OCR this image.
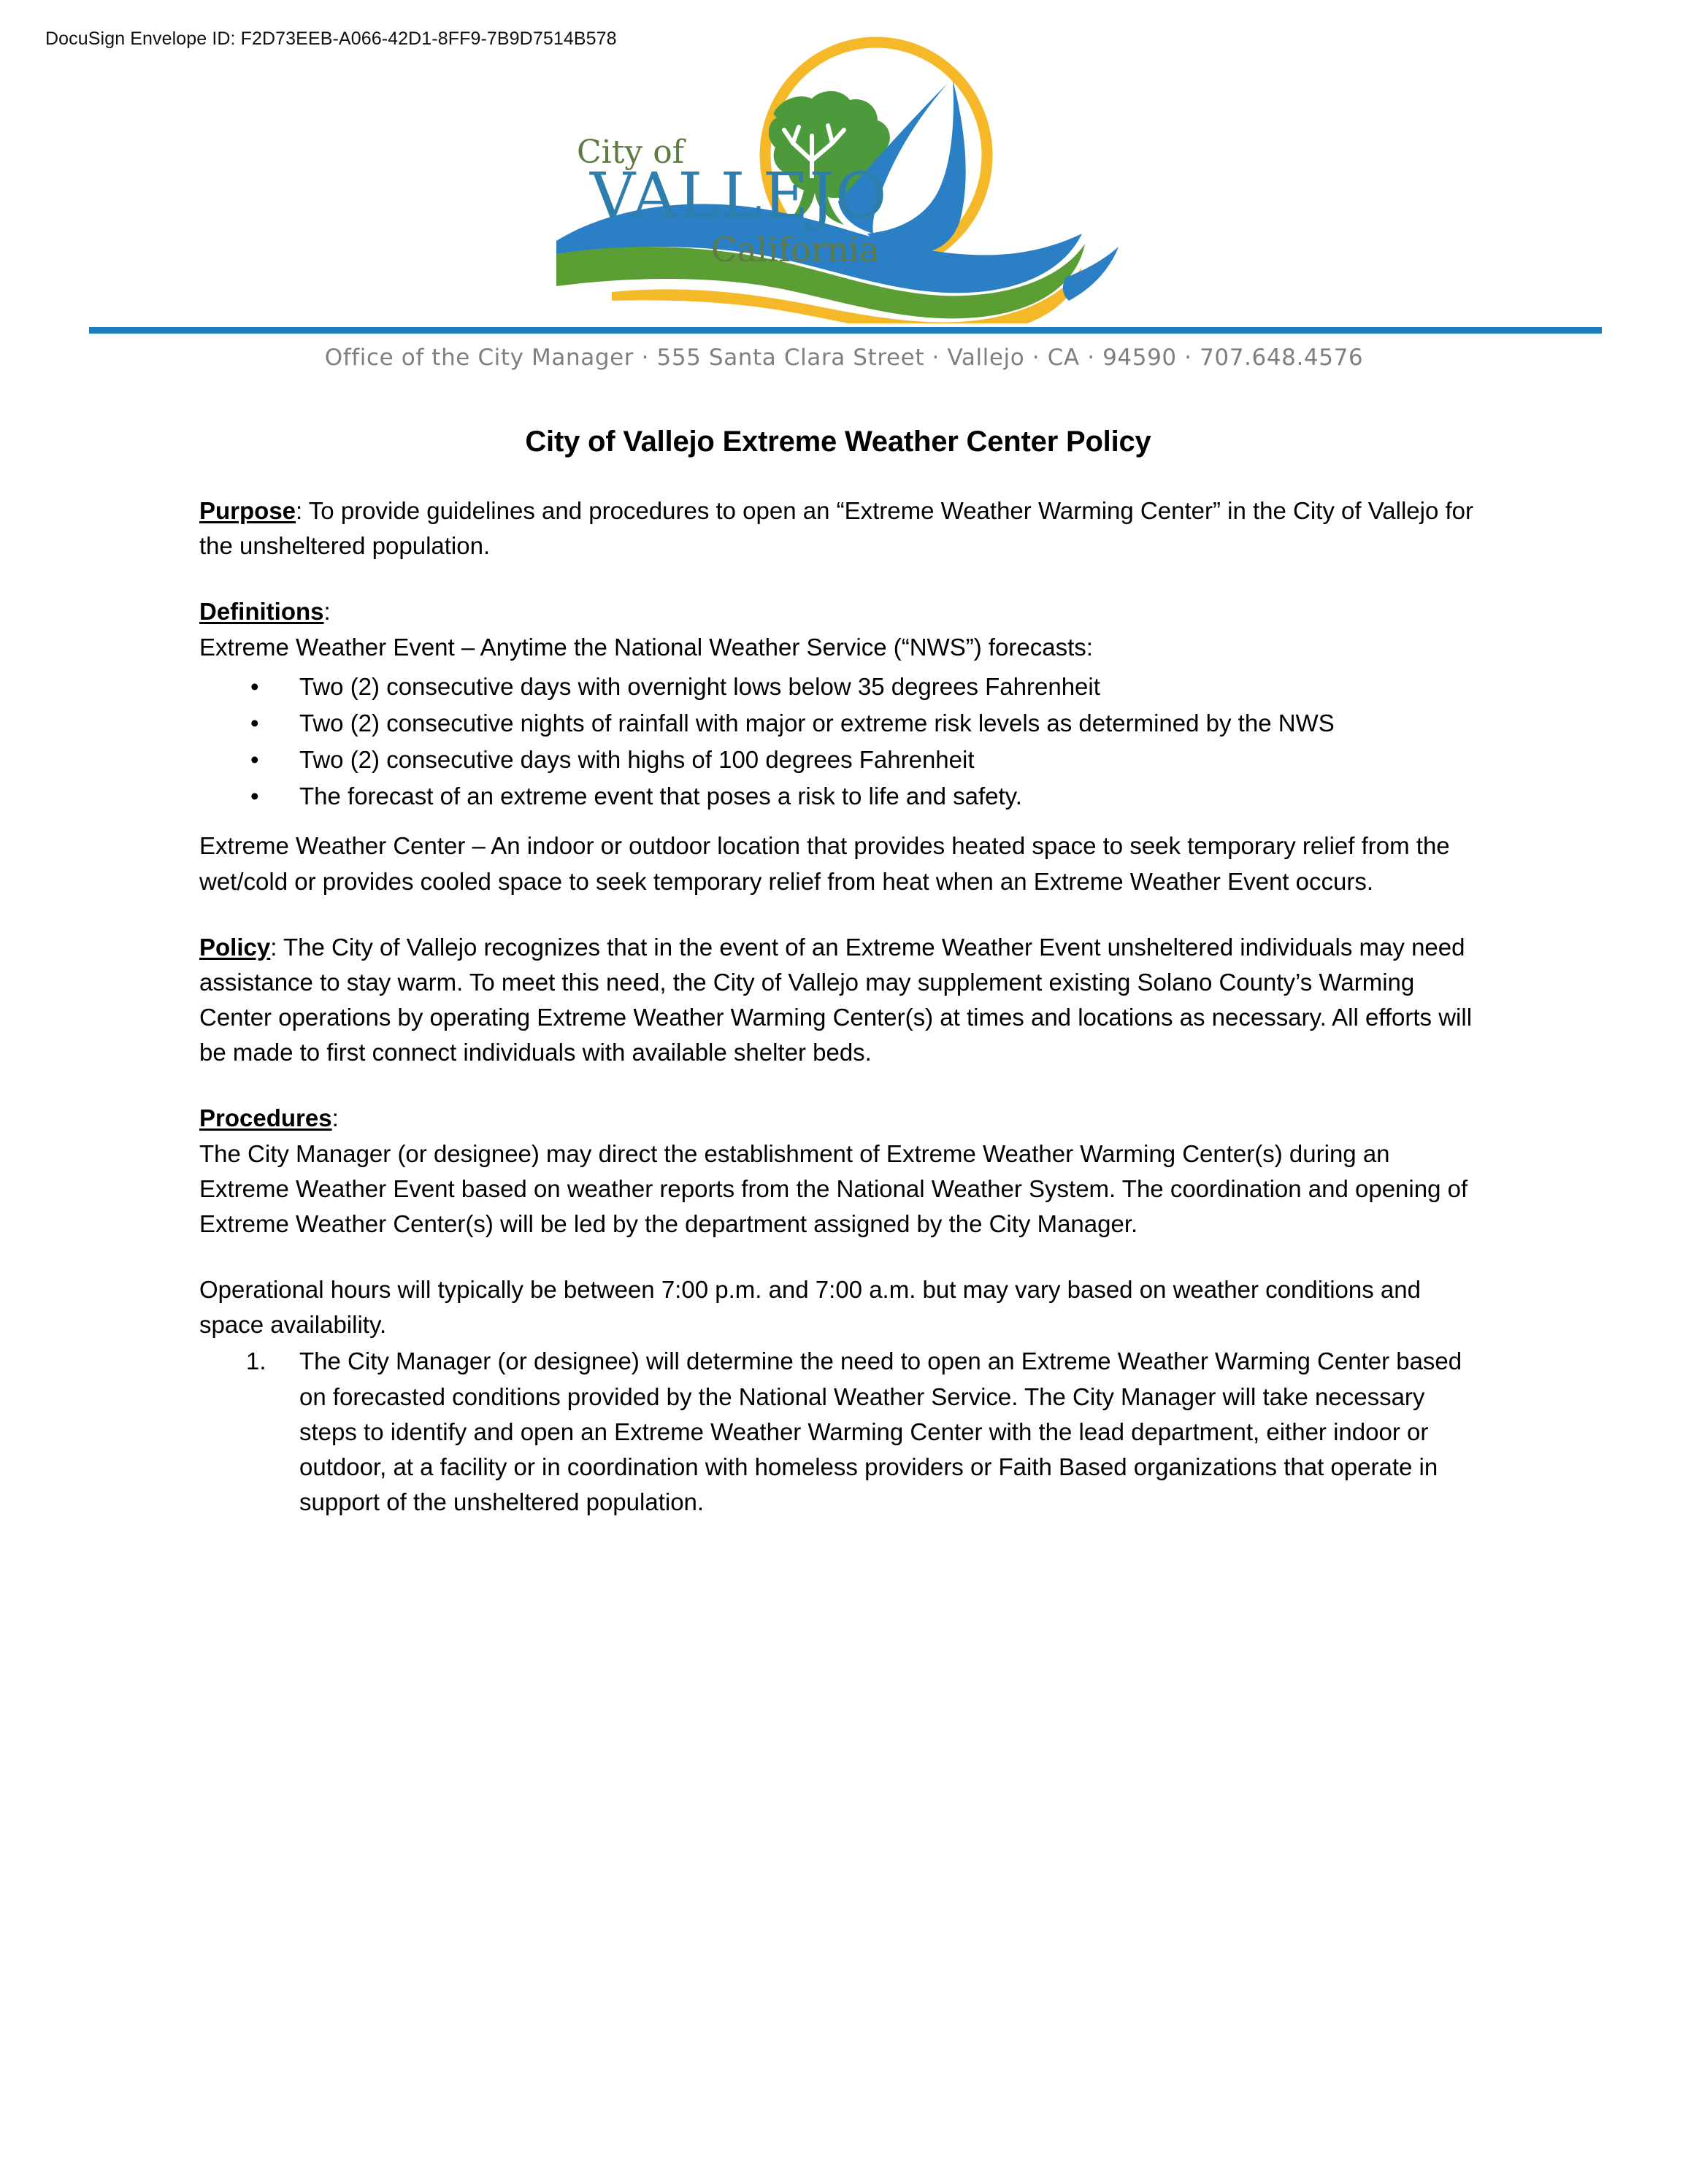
DocuSign Envelope ID: F2D73EEB-A066-42D1-8FF9-7B9D7514B578
City of
VALLEJO
California
Office of the City Manager · 555 Santa Clara Street · Vallejo · CA · 94590 · 707.648.4576
City of Vallejo Extreme Weather Center Policy

Purpose: To provide guidelines and procedures to open an “Extreme Weather Warming Center” in the City of Vallejo for the unsheltered population.

Definitions:

Extreme Weather Event – Anytime the National Weather Service (“NWS”) forecasts:

• Two (2) consecutive days with overnight lows below 35 degrees Fahrenheit
• Two (2) consecutive nights of rainfall with major or extreme risk levels as determined by the NWS
• Two (2) consecutive days with highs of 100 degrees Fahrenheit
• The forecast of an extreme event that poses a risk to life and safety.

Extreme Weather Center – An indoor or outdoor location that provides heated space to seek temporary relief from the wet/cold or provides cooled space to seek temporary relief from heat when an Extreme Weather Event occurs.

Policy: The City of Vallejo recognizes that in the event of an Extreme Weather Event unsheltered individuals may need assistance to stay warm. To meet this need, the City of Vallejo may supplement existing Solano County’s Warming Center operations by operating Extreme Weather Warming Center(s) at times and locations as necessary. All efforts will be made to first connect individuals with available shelter beds.

Procedures:

The City Manager (or designee) may direct the establishment of Extreme Weather Warming Center(s) during an Extreme Weather Event based on weather reports from the National Weather System. The coordination and opening of Extreme Weather Center(s) will be led by the department assigned by the City Manager.

Operational hours will typically be between 7:00 p.m. and 7:00 a.m. but may vary based on weather conditions and space availability.

The City Manager (or designee) will determine the need to open an Extreme Weather Warming Center based on forecasted conditions provided by the National Weather Service. The City Manager will take necessary steps to identify and open an Extreme Weather Warming Center with the lead department, either indoor or outdoor, at a facility or in coordination with homeless providers or Faith Based organizations that operate in support of the unsheltered population.
